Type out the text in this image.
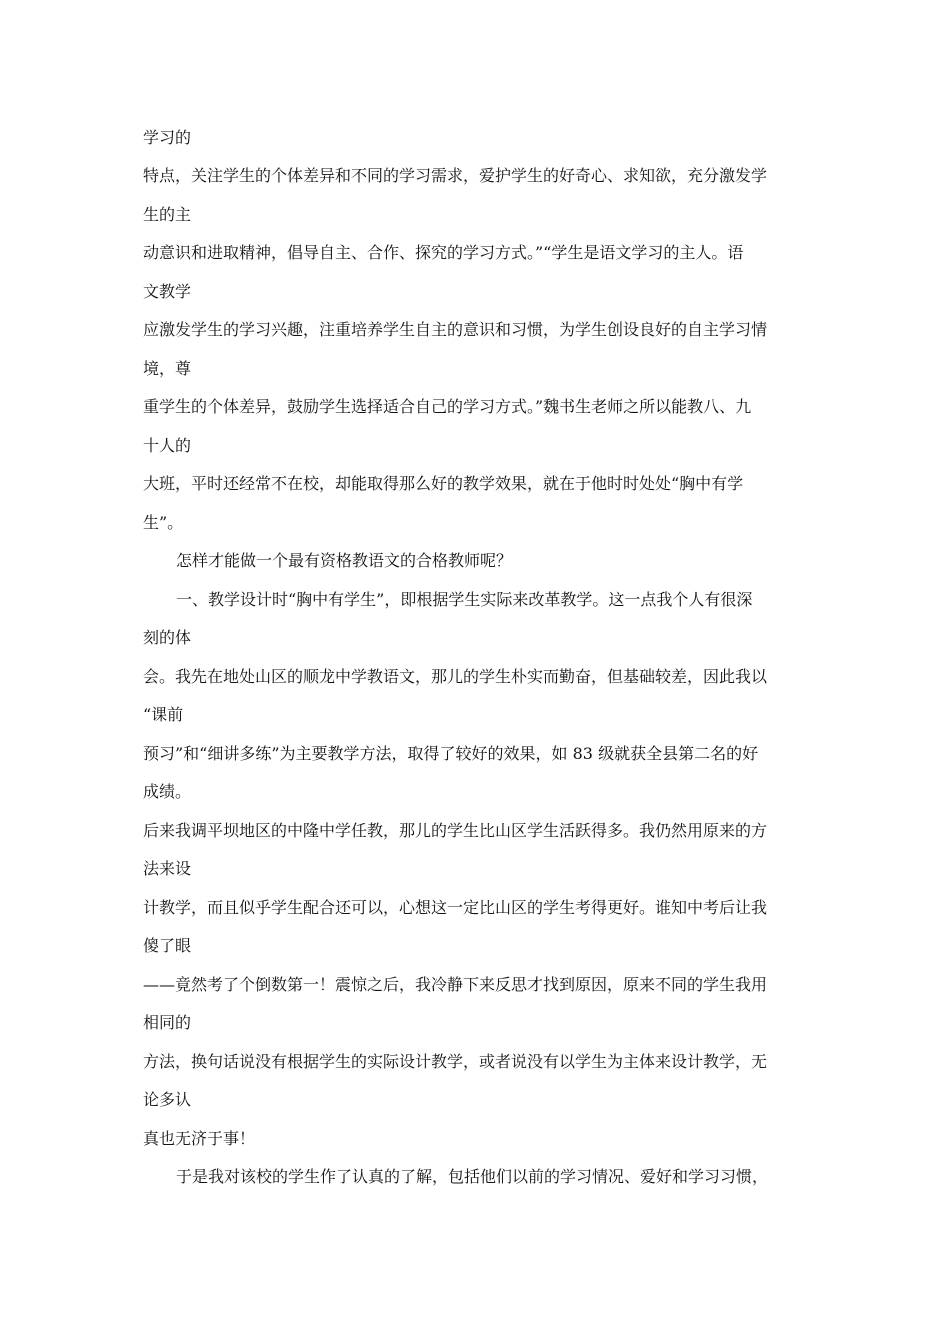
学习的

特点，关注学生的个体差异和不同的学习需求，爱护学生的好奇心、求知欲，充分激发学

生的主

动意识和进取精神，倡导自主、合作、探究的学习方式。”“学生是语文学习的主人。语

文教学

应激发学生的学习兴趣，注重培养学生自主的意识和习惯，为学生创设良好的自主学习情

境，尊

重学生的个体差异，鼓励学生选择适合自己的学习方式。”魏书生老师之所以能教八、九

十人的

大班，平时还经常不在校，却能取得那么好的教学效果，就在于他时时处处“胸中有学

生”。

怎样才能做一个最有资格教语文的合格教师呢？

一、教学设计时“胸中有学生”，即根据学生实际来改革教学。这一点我个人有很深

刻的体

会。我先在地处山区的顺龙中学教语文，那儿的学生朴实而勤奋，但基础较差，因此我以

“课前

预习”和“细讲多练”为主要教学方法，取得了较好的效果，如 83 级就获全县第二名的好

成绩。

后来我调平坝地区的中隆中学任教，那儿的学生比山区学生活跃得多。我仍然用原来的方

法来设

计教学，而且似乎学生配合还可以，心想这一定比山区的学生考得更好。谁知中考后让我

傻了眼

——竟然考了个倒数第一！震惊之后，我冷静下来反思才找到原因，原来不同的学生我用

相同的

方法，换句话说没有根据学生的实际设计教学，或者说没有以学生为主体来设计教学，无

论多认

真也无济于事！

于是我对该校的学生作了认真的了解，包括他们以前的学习情况、爱好和学习习惯，
